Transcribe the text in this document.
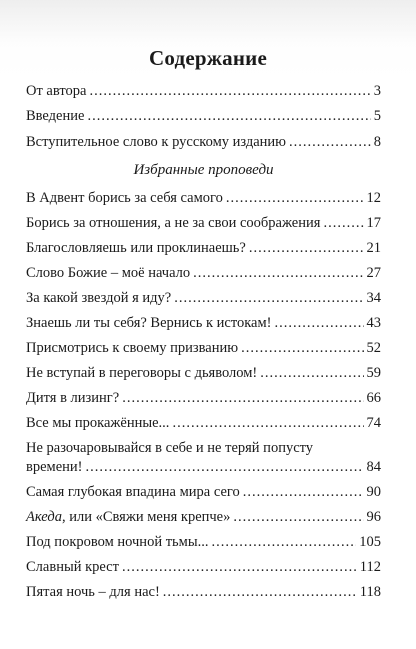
Содержание
От автора .....	3
Введение .....	5
Вступительное слово к русскому изданию .....	8
Избранные проповеди
В Адвент борись за себя самого .....	12
Борись за отношения, а не за свои соображения .....	17
Благословляешь или проклинаешь? .....	21
Слово Божие – моё начало .....	27
За какой звездой я иду? .....	34
Знаешь ли ты себя? Вернись к истокам! .....	43
Присмотрись к своему призванию .....	52
Не вступай в переговоры с дьяволом! .....	59
Дитя в лизинг? .....	66
Все мы прокажённые... .....	74
Не разочаровывайся в себе и не теряй попусту
времени! .....	84
Самая глубокая впадина мира сего .....	90
Акеда, или «Свяжи меня крепче» .....	96
Под покровом ночной тьмы... .....	105
Славный крест .....	112
Пятая ночь – для нас! .....	118
